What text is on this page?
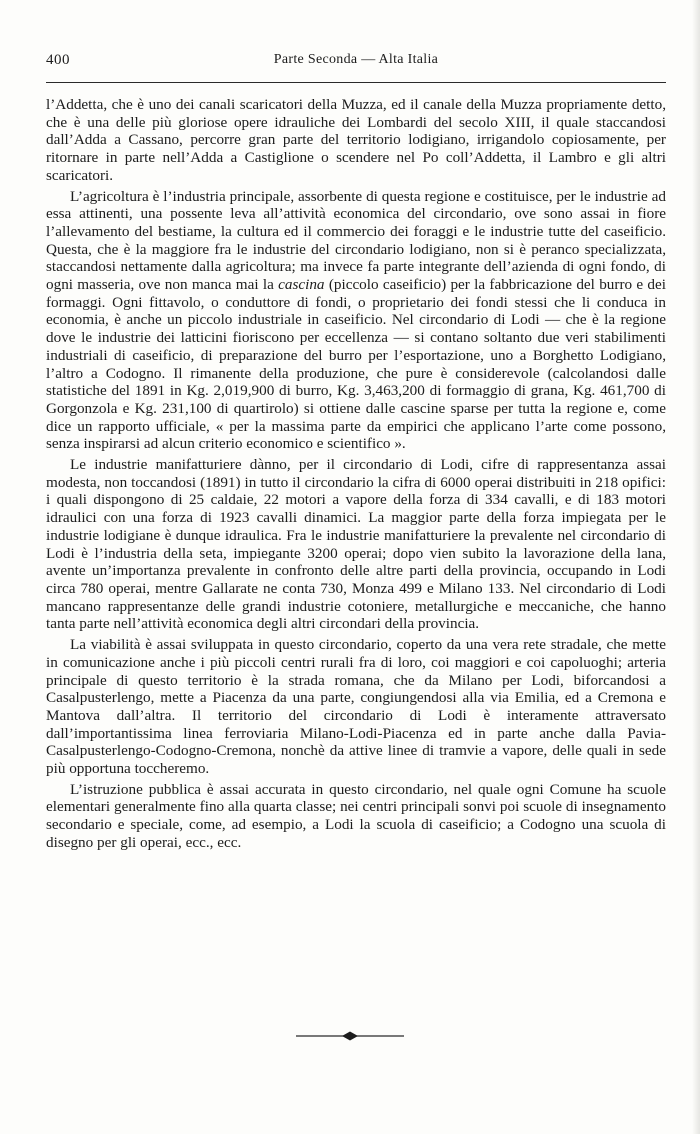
400	Parte Seconda — Alta Italia

l’Addetta, che è uno dei canali scaricatori della Muzza, ed il canale della Muzza propriamente detto, che è una delle più gloriose opere idrauliche dei Lombardi del secolo XIII, il quale staccandosi dall’Adda a Cassano, percorre gran parte del territorio lodigiano, irrigandolo copiosamente, per ritornare in parte nell’Adda a Castiglione o scendere nel Po coll’Addetta, il Lambro e gli altri scaricatori.

L’agricoltura è l’industria principale, assorbente di questa regione e costituisce, per le industrie ad essa attinenti, una possente leva all’attività economica del circondario, ove sono assai in fiore l’allevamento del bestiame, la cultura ed il commercio dei foraggi e le industrie tutte del caseificio. Questa, che è la maggiore fra le industrie del circondario lodigiano, non si è peranco specializzata, staccandosi nettamente dalla agricoltura; ma invece fa parte integrante dell’azienda di ogni fondo, di ogni masseria, ove non manca mai la cascina (piccolo caseificio) per la fabbricazione del burro e dei formaggi. Ogni fittavolo, o conduttore di fondi, o proprietario dei fondi stessi che li conduca in economia, è anche un piccolo industriale in caseificio. Nel circondario di Lodi — che è la regione dove le industrie dei latticini fioriscono per eccellenza — si contano soltanto due veri stabilimenti industriali di caseificio, di preparazione del burro per l’esportazione, uno a Borghetto Lodigiano, l’altro a Codogno. Il rimanente della produzione, che pure è considerevole (calcolandosi dalle statistiche del 1891 in Kg. 2,019,900 di burro, Kg. 3,463,200 di formaggio di grana, Kg. 461,700 di Gorgonzola e Kg. 231,100 di quartirolo) si ottiene dalle cascine sparse per tutta la regione e, come dice un rapporto ufficiale, « per la massima parte da empirici che applicano l’arte come possono, senza inspirarsi ad alcun criterio economico e scientifico ».

Le industrie manifatturiere dànno, per il circondario di Lodi, cifre di rappresentanza assai modesta, non toccandosi (1891) in tutto il circondario la cifra di 6000 operai distribuiti in 218 opifici: i quali dispongono di 25 caldaie, 22 motori a vapore della forza di 334 cavalli, e di 183 motori idraulici con una forza di 1923 cavalli dinamici. La maggior parte della forza impiegata per le industrie lodigiane è dunque idraulica. Fra le industrie manifatturiere la prevalente nel circondario di Lodi è l’industria della seta, impiegante 3200 operai; dopo vien subito la lavorazione della lana, avente un’importanza prevalente in confronto delle altre parti della provincia, occupando in Lodi circa 780 operai, mentre Gallarate ne conta 730, Monza 499 e Milano 133. Nel circondario di Lodi mancano rappresentanze delle grandi industrie cotoniere, metallurgiche e meccaniche, che hanno tanta parte nell’attività economica degli altri circondari della provincia.

La viabilità è assai sviluppata in questo circondario, coperto da una vera rete stradale, che mette in comunicazione anche i più piccoli centri rurali fra di loro, coi maggiori e coi capoluoghi; arteria principale di questo territorio è la strada romana, che da Milano per Lodi, biforcandosi a Casalpusterlengo, mette a Piacenza da una parte, congiungendosi alla via Emilia, ed a Cremona e Mantova dall’altra. Il territorio del circondario di Lodi è interamente attraversato dall’importantissima linea ferroviaria Milano-Lodi-Piacenza ed in parte anche dalla Pavia-Casalpusterlengo-Codogno-Cremona, nonchè da attive linee di tramvie a vapore, delle quali in sede più opportuna toccheremo.

L’istruzione pubblica è assai accurata in questo circondario, nel quale ogni Comune ha scuole elementari generalmente fino alla quarta classe; nei centri principali sonvi poi scuole di insegnamento secondario e speciale, come, ad esempio, a Lodi la scuola di caseificio; a Codogno una scuola di disegno per gli operai, ecc., ecc.
